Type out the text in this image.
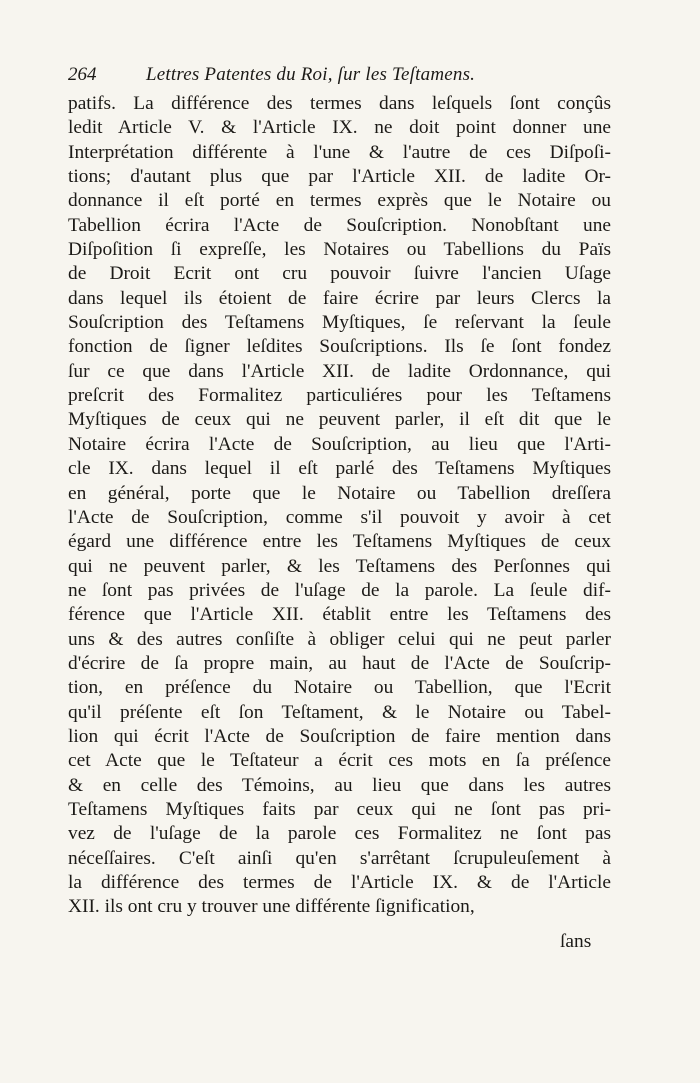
264	Lettres Patentes du Roi, ſur les Teſtamens.
patifs. La différence des termes dans leſquels ſont conçûs
ledit Article V. & l'Article IX. ne doit point donner une
Interprétation différente à l'une & l'autre de ces Diſpoſi-
tions; d'autant plus que par l'Article XII. de ladite Or-
donnance il eſt porté en termes exprès que le Notaire ou
Tabellion écrira l'Acte de Souſcription. Nonobſtant une
Diſpoſition ſi expreſſe, les Notaires ou Tabellions du Païs
de Droit Ecrit ont cru pouvoir ſuivre l'ancien Uſage
dans lequel ils étoient de faire écrire par leurs Clercs la
Souſcription des Teſtamens Myſtiques, ſe reſervant la ſeule
fonction de ſigner leſdites Souſcriptions. Ils ſe ſont fondez
ſur ce que dans l'Article XII. de ladite Ordonnance, qui
preſcrit des Formalitez particuliéres pour les Teſtamens
Myſtiques de ceux qui ne peuvent parler, il eſt dit que le
Notaire écrira l'Acte de Souſcription, au lieu que l'Arti-
cle IX. dans lequel il eſt parlé des Teſtamens Myſtiques
en général, porte que le Notaire ou Tabellion dreſſera
l'Acte de Souſcription, comme s'il pouvoit y avoir à cet
égard une différence entre les Teſtamens Myſtiques de ceux
qui ne peuvent parler, & les Teſtamens des Perſonnes qui
ne ſont pas privées de l'uſage de la parole. La ſeule dif-
férence que l'Article XII. établit entre les Teſtamens des
uns & des autres conſiſte à obliger celui qui ne peut parler
d'écrire de ſa propre main, au haut de l'Acte de Souſcrip-
tion, en préſence du Notaire ou Tabellion, que l'Ecrit
qu'il préſente eſt ſon Teſtament, & le Notaire ou Tabel-
lion qui écrit l'Acte de Souſcription de faire mention dans
cet Acte que le Teſtateur a écrit ces mots en ſa préſence
& en celle des Témoins, au lieu que dans les autres
Teſtamens Myſtiques faits par ceux qui ne ſont pas pri-
vez de l'uſage de la parole ces Formalitez ne ſont pas
néceſſaires. C'eſt ainſi qu'en s'arrêtant ſcrupuleuſement à
la différence des termes de l'Article IX. & de l'Article
XII. ils ont cru y trouver une différente ſignification,
ſans
